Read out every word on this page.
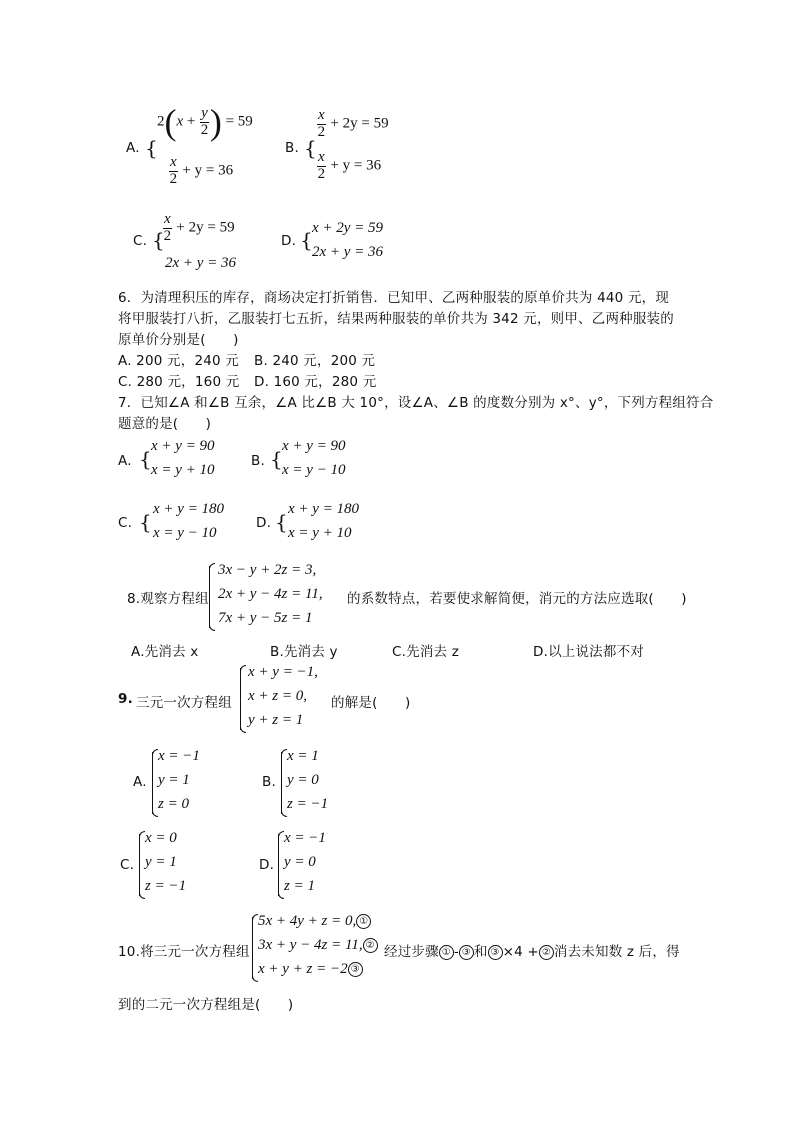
A. {
$2(x + \frac{y}{2}$ ) = 59
$\frac{x}{2} + y = 36$
B. {
$\frac{x}{2} + 2y = 59$
$\frac{x}{2} + y = 36$
C. {
$\frac{x}{2} + 2y = 59$
2x + y = 36
D. { x + 2y = 59
2x + y = 36
6．为清理积压的库存，商场决定打折销售．已知甲、乙两种服装的原单价共为 440 元，现
将甲服装打八折，乙服装打七五折，结果两种服装的单价共为 342 元，则甲、乙两种服装的
原单价分别是(　　)
A. 200 元，240 元 B. 240 元，200 元
C. 280 元，160 元 D. 160 元，280 元
7．已知∠A 和∠B 互余，∠A 比∠B 大 10°，设∠A、∠B 的度数分别为 x°、y°，下列方程组符合
题意的是(　　)
A. {
x + y = 90
x = y + 10
B. {
x + y = 90
x = y − 10
C. {
x + y = 180
x = y − 10
D. {
x + y = 180
x = y + 10
8.观察方程组
3x − y + 2z = 3,
2x + y − 4z = 11,
7x + y − 5z = 1
的系数特点，若要使求解简便，消元的方法应选取(　　)
A.先消去 x	B.先消去 y	C.先消去 z	D.以上说法都不对
9. 三元一次方程组
x + y = −1,
x + z = 0,
y + z = 1
的解是(　　)
A.
x = −1
y = 1
z = 0
B.
x = 1
y = 0
z = −1
C.
x = 0
y = 1
z = −1
D.
x = −1
y = 0
z = 1
10.将三元一次方程组
5x + 4y + z = 0, ①
3x + y − 4z = 11, ②
x + y + z = −2 ③
经过步骤 ① - ③ 和 ③ ×4 + ② 消去未知数 z 后，得
到的二元一次方程组是(　　)
